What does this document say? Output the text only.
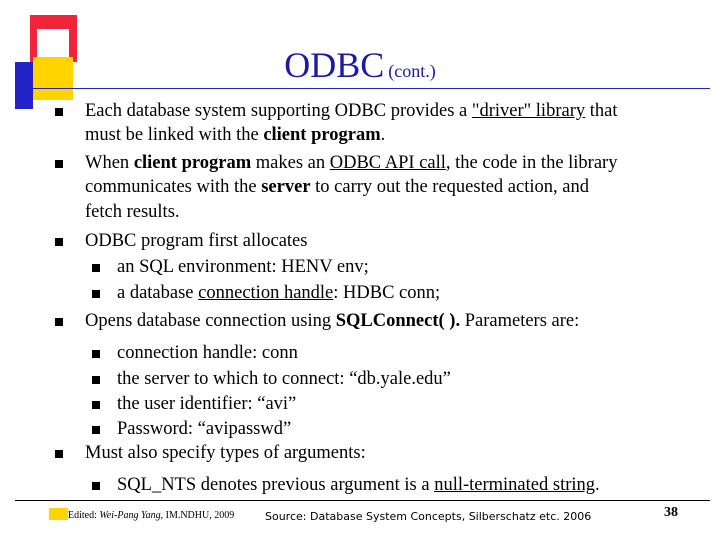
ODBC (cont.)
Each database system supporting ODBC provides a "driver" library that
must be linked with the client program.
When client program makes an ODBC API call, the code in the library
communicates with the server to carry out the requested action, and
fetch results.
ODBC program first allocates
an SQL environment: HENV env;
a database connection handle: HDBC conn;
Opens database connection using SQLConnect( ). Parameters are:
connection handle: conn
the server to which to connect: “db.yale.edu”
the user identifier: “avi”
Password: “avipasswd”
Must also specify types of arguments:
SQL_NTS denotes previous argument is a null-terminated string.
Edited: Wei-Pang Yang, IM.NDHU, 2009	Source: Database System Concepts, Silberschatz etc. 2006	38
